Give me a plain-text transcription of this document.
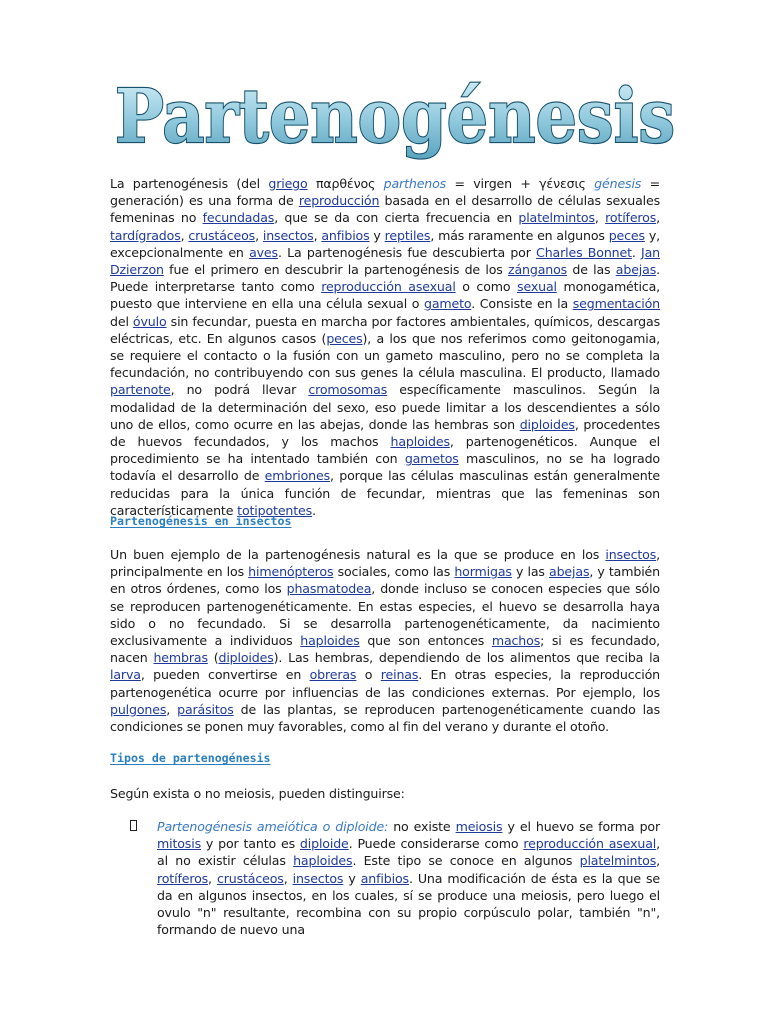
Partenogénesis

La partenogénesis (del griego παρθένος parthenos = virgen + γένεσις génesis = generación) es una forma de reproducción basada en el desarrollo de células sexuales femeninas no fecundadas, que se da con cierta frecuencia en platelmintos, rotíferos, tardígrados, crustáceos, insectos, anfibios y reptiles, más raramente en algunos peces y, excepcionalmente en aves. La partenogénesis fue descubierta por Charles Bonnet. Jan Dzierzon fue el primero en descubrir la partenogénesis de los zánganos de las abejas. Puede interpretarse tanto como reproducción asexual o como sexual monogamética, puesto que interviene en ella una célula sexual o gameto. Consiste en la segmentación del óvulo sin fecundar, puesta en marcha por factores ambientales, químicos, descargas eléctricas, etc. En algunos casos (peces), a los que nos referimos como geitonogamia, se requiere el contacto o la fusión con un gameto masculino, pero no se completa la fecundación, no contribuyendo con sus genes la célula masculina. El producto, llamado partenote, no podrá llevar cromosomas específicamente masculinos. Según la modalidad de la determinación del sexo, eso puede limitar a los descendientes a sólo uno de ellos, como ocurre en las abejas, donde las hembras son diploides, procedentes de huevos fecundados, y los machos haploides, partenogenéticos. Aunque el procedimiento se ha intentado también con gametos masculinos, no se ha logrado todavía el desarrollo de embriones, porque las células masculinas están generalmente reducidas para la única función de fecundar, mientras que las femeninas son característicamente totipotentes.

Partenogénesis en insectos

Un buen ejemplo de la partenogénesis natural es la que se produce en los insectos, principalmente en los himenópteros sociales, como las hormigas y las abejas, y también en otros órdenes, como los phasmatodea, donde incluso se conocen especies que sólo se reproducen partenogenéticamente. En estas especies, el huevo se desarrolla haya sido o no fecundado. Si se desarrolla partenogenéticamente, da nacimiento exclusivamente a individuos haploides que son entonces machos; si es fecundado, nacen hembras (diploides). Las hembras, dependiendo de los alimentos que reciba la larva, pueden convertirse en obreras o reinas. En otras especies, la reproducción partenogenética ocurre por influencias de las condiciones externas. Por ejemplo, los pulgones, parásitos de las plantas, se reproducen partenogenéticamente cuando las condiciones se ponen muy favorables, como al fin del verano y durante el otoño.

Tipos de partenogénesis

Según exista o no meiosis, pueden distinguirse:

Partenogénesis ameiótica o diploide: no existe meiosis y el huevo se forma por mitosis y por tanto es diploide. Puede considerarse como reproducción asexual, al no existir células haploides. Este tipo se conoce en algunos platelmintos, rotíferos, crustáceos, insectos y anfibios. Una modificación de ésta es la que se da en algunos insectos, en los cuales, sí se produce una meiosis, pero luego el ovulo "n" resultante, recombina con su propio corpúsculo polar, también "n", formando de nuevo una
